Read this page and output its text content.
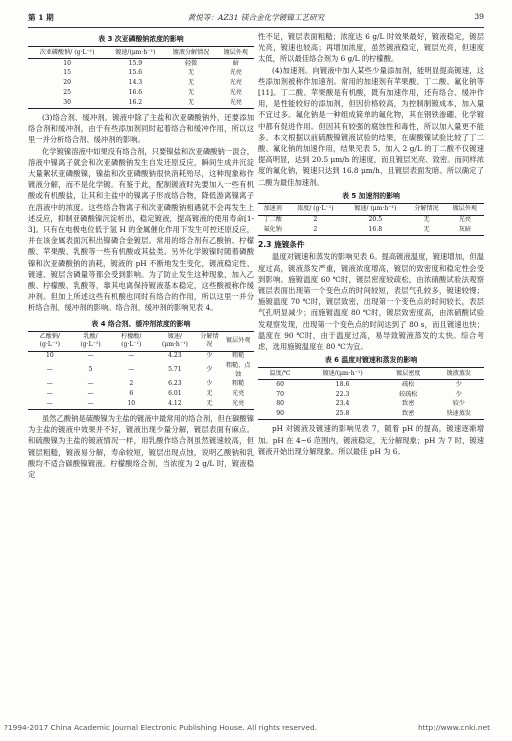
第 1 期	黄悦等：AZ31 镁合金化学镀镍工艺研究	39
表 3 次亚磷酸钠浓度的影响
次亚磷酸钠/ (g·L⁻¹)	镀速/(μm·h⁻¹)	镀液分解情况	镀层外观
10	15.9	轻微	暗
15	15.6	无	光亮
20	14.3	无	光亮
25	16.6	无	光亮
30	16.2	无	光亮

(3)络合剂、缓冲剂。镀液中除了主盐和次亚磷酸钠外，还要添加络合剂和缓冲剂，由于有些添加剂同时起着络合和缓冲作用，所以这里一并分析络合剂、缓冲剂的影响。

化学镀镍溶液中如果没有络合剂，只要镍盐和次亚磷酸钠一混合，溶液中镍离子就会和次亚磷酸钠发生自发还原反应，瞬间生成并沉淀大量絮状亚磷酸镍，镍盐和次亚磷酸钠很快消耗殆尽，这种现象称作镀液分解，而不是化学镀。有鉴于此，配制镀液时先要加入一些有机酸或有机酸盐，让其和主盐中的镍离子形成络合物，降低游离镍离子在溶液中的浓度。这些络合物离子和次亚磷酸钠相遇就不会再发生上述反应，抑制亚磷酸镍沉淀析出，稳定镀液，提高镀液的使用寿命[1-3]。只有在电极电位低于氢 H 的金属催化作用下发生可控还原反应，并在该金属表面沉积出镍磷合金镀层。常用的络合剂有乙酸钠、柠檬酸、苹果酸、乳酸等一些有机酸或其盐类。另外化学镀镍时随着磷酸镍和次亚磷酸钠的消耗，镀液的 pH 不断地发生变化，镀液稳定性、镀速、镀层含磷量等都会受到影响。为了防止发生这种现象，加入乙酸、柠檬酸、乳酸等，靠其电离保持镀液基本稳定，这些酸被称作缓冲剂。但加上所述这些有机酸也同时有络合的作用，所以这里一并分析络合剂、缓冲剂的影响。络合剂、缓冲剂的影响见表 4。

表 4 络合剂、缓冲剂浓度的影响
乙酸钠/ (g·L⁻¹)	乳酸/ (g·L⁻¹)	柠檬酸/ (g·L⁻¹)	镀速/ (μm·h⁻¹)	分解情况	镀层外观
10	—	—	4.23	少	粗糙
—	5	—	5.71	少	粗糙，点蚀
—	—	2	6.23	少	粗糙
—	—	6	6.01	无	光亮
—	—	10	4.12	无	光亮

虽然乙酸钠是硫酸镍为主盐的镀液中最常用的络合剂，但在碳酸镍为主盐的镀液中效果并不好，镀液出现少量分解，镀层表面有麻点。和硫酸镍为主盐的镀液情况一样，用乳酸作络合剂虽然镀速较高，但镀层粗糙，镀液易分解，寿命较短，镀层出现点蚀，说明乙酸钠和乳酸均不适合碳酸镍镀液。柠檬酸络合剂，当浓度为 2 g/L 时，镀液稳定

性不足，镀层表面粗糙；浓度达 6 g/L 时效果最好，镀液稳定，镀层光亮，镀速也较高；再增加浓度，虽然镀液稳定，镀层光亮，但速度太低，所以最佳络合剂为 6 g/L 的柠檬酸。

(4)加速剂。向镀液中加入某些少量添加剂，能明显提高镀速，这些添加剂被称作加速剂。常用的加速剂有苹果酸、丁二酸、氟化钠等[11]。丁二酸、苹果酸是有机酸，既有加速作用，还有络合、缓冲作用，是性能较好的添加剂，但因价格较高，为控制制镀成本，加入量不宜过多。氟化钠是一种组成简单的氟化物，其在钢铁渗硼、化学镀中都有促进作用。但因其有较强的腐蚀性和毒性，所以加入量更不能多。本文根据以前硫酸镍镀液试验的结果，在碳酸镍试验比较了丁二酸、氟化钠的加速作用，结果见表 5。加入 2 g/L 的丁二酸不仅镀速提高明显，达到 20.5 μm/h 的速度，而且镀层光亮、致密。而同样浓度的氟化钠，镀速只达到 16.8 μm/h，且镀层表面发暗。所以确定了二酸为最佳加速剂。

表 5 加速剂的影响
加速剂	浓度/ (g·L⁻¹)	镀速/ (μm·h⁻¹)	分解情况	镀层外观
丁二酸	2	20.5	无	光亮
氟化钠	2	16.8	无	灰暗
2.3 施镀条件

温度对镀速和蒸发的影响见表 6。提高镀液温度，镀速增加，但温度过高，镀液蒸发严重，镀液浓度增高，镀层的致密度和稳定性会受到影响。施镀温度 60 ℃时，镀层密度较疏松，由浓硝酸试验法观察镀层表面出现第一个变色点的时间较短，表层气孔较多，镀速较慢；施镀温度 70 ℃时，镀层致密，出现第一个变色点的时间较长，表层气孔明显减少；而施镀温度 80 ℃时，镀层致密度高，由浓硝酸试验发观察发现，出现第一个变色点的时间达到了 80 s，而且镀速也快；温度在 90 ℃时，由于温度过高，易导致镀液蒸发的太快。综合考虑，选用施镀温度在 80 ℃为宜。

表 6 温度对镀速和蒸发的影响
温度/℃	镀速/(μm·h⁻¹)	镀层密度	镀液蒸发
60	18.6	疏松	少
70	22.3	较疏松	少
80	23.4	致密	较少
90	25.8	致密	快速蒸发

pH 对镀液及镀速的影响见表 7，随着 pH 的提高，镀速逐渐增加。pH 在 4~6 范围内，镀液稳定，无分解现象；pH 为 7 时，镀速镀液开始出现分解现象。所以最佳 pH 为 6。

?1994-2017 China Academic Journal Electronic Publishing House. All rights reserved.	http://www.cnki.net
